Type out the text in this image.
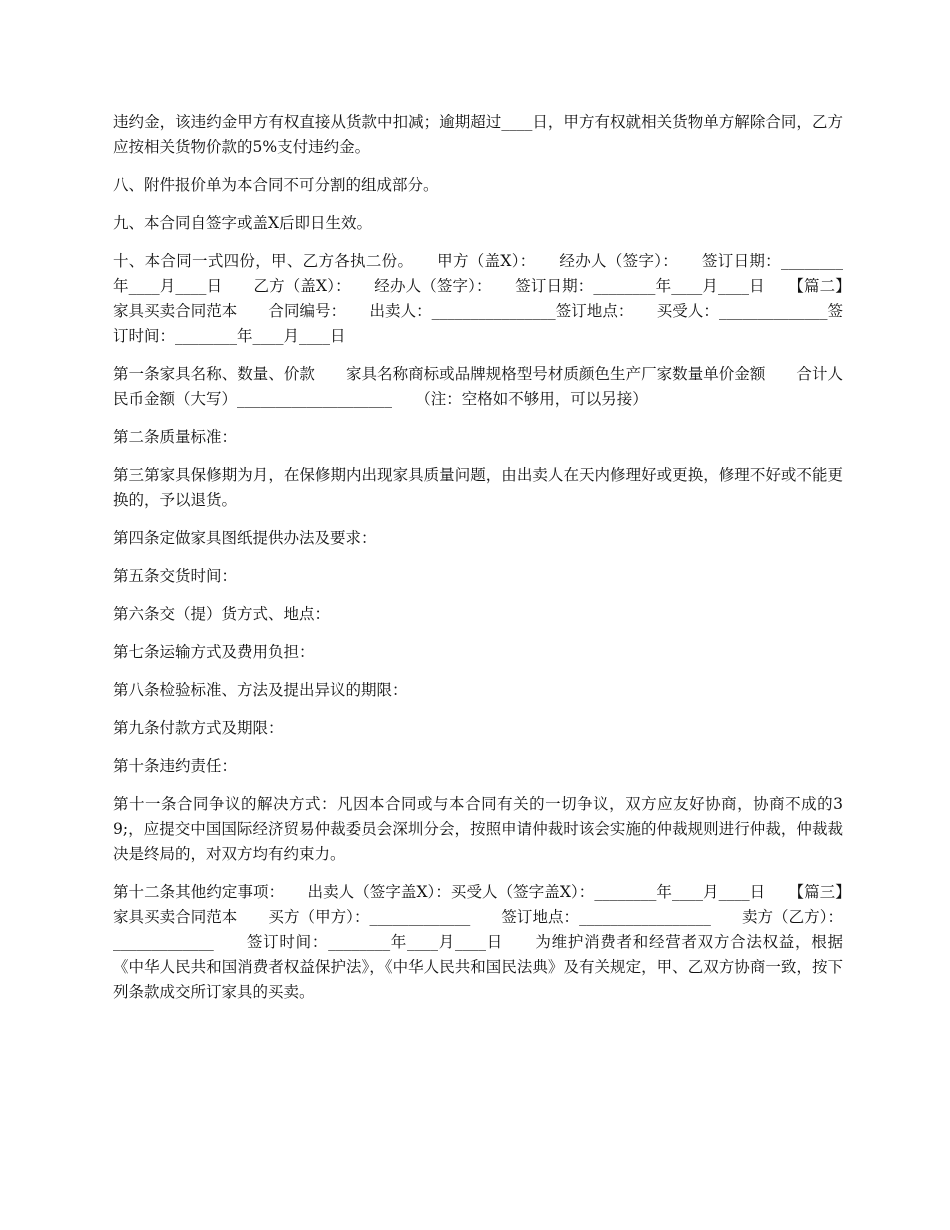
违约金，该违约金甲方有权直接从货款中扣减；逾期超过____日，甲方有权就相关货物单方解除合同，乙方应按相关货物价款的5%支付违约金。

八、附件报价单为本合同不可分割的组成部分。

九、本合同自签字或盖X后即日生效。

十、本合同一式四份，甲、乙方各执二份。　　甲方（盖X）：　　经办人（签字）：　　签订日期：________年____月____日　　乙方（盖X）：　　经办人（签字）：　　签订日期：________年____月____日　　【篇二】家具买卖合同范本　　合同编号：　　出卖人：________________签订地点：　　买受人：______________签订时间：________年____月____日

第一条家具名称、数量、价款　　家具名称商标或品牌规格型号材质颜色生产厂家数量单价金额　　合计人民币金额（大写）____________________　　（注：空格如不够用，可以另接）

第二条质量标准：

第三第家具保修期为月，在保修期内出现家具质量问题，由出卖人在天内修理好或更换，修理不好或不能更换的，予以退货。

第四条定做家具图纸提供办法及要求：

第五条交货时间：

第六条交（提）货方式、地点：

第七条运输方式及费用负担：

第八条检验标准、方法及提出异议的期限：

第九条付款方式及期限：

第十条违约责任：

第十一条合同争议的解决方式：凡因本合同或与本合同有关的一切争议，双方应友好协商，协商不成的39;，应提交中国国际经济贸易仲裁委员会深圳分会，按照申请仲裁时该会实施的仲裁规则进行仲裁，仲裁裁决是终局的，对双方均有约束力。

第十二条其他约定事项：　　出卖人（签字盖X）：买受人（签字盖X）：________年____月____日　　【篇三】家具买卖合同范本　　买方（甲方）：_____________　　签订地点：_________________　　卖方（乙方）：_____________　　签订时间：________年____月____日　　为维护消费者和经营者双方合法权益，根据《中华人民共和国消费者权益保护法》，《中华人民共和国民法典》及有关规定，甲、乙双方协商一致，按下列条款成交所订家具的买卖。
